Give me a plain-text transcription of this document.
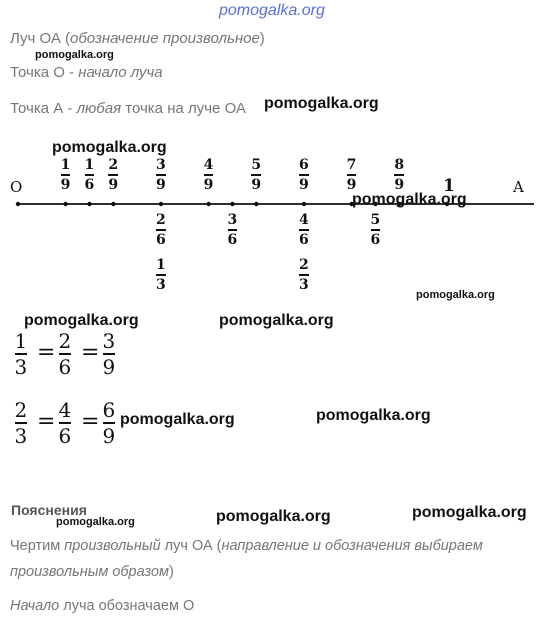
pomogalka.org
Луч ОА (обозначение произвольное)
pomogalka.org
Точка О - начало луча
Точка А - любая точка на луче ОА pomogalka.org
pomogalka.org
O	A
1
1
9
1
6
2
9
3
9
4
9
5
9
6
9
7
9
8
9
2
6
3
6
4
6
5
6
1
3
2
3
pomogalka.org
pomogalka.org
pomogalka.org	pomogalka.org
1
3
= 2
6
= 3
9
2
3
= 4
6
= 6
9
pomogalka.org	pomogalka.org
Пояснения
pomogalka.org	pomogalka.org	pomogalka.org
Чертим произвольный луч ОА (направление и обозначения выбираем
произвольным образом)
Начало луча обозначаем О
